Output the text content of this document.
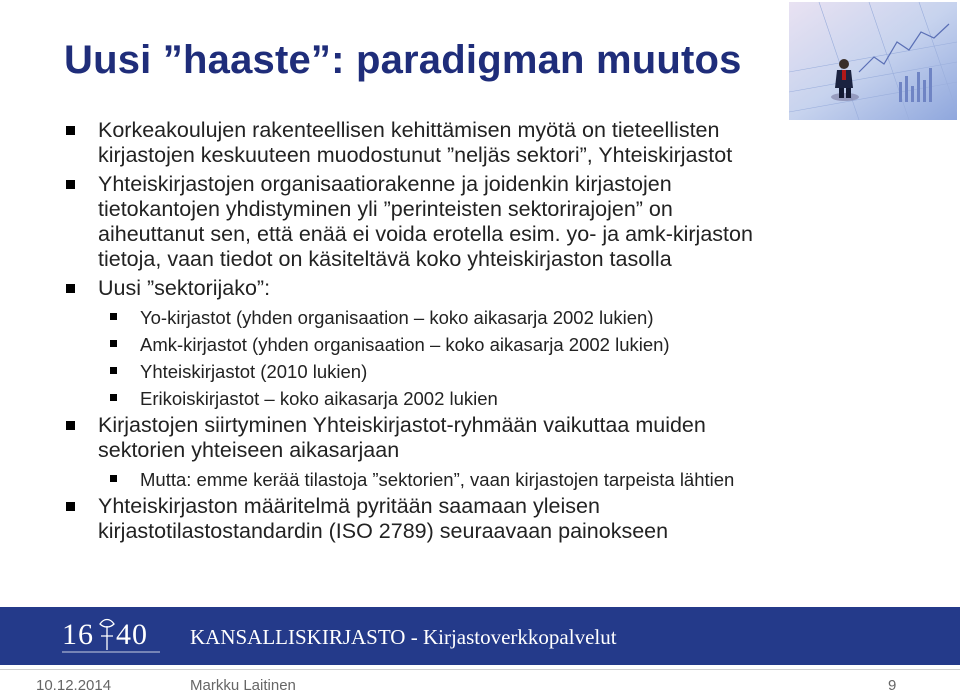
Uusi ”haaste”: paradigman muutos
Korkeakoulujen rakenteellisen kehittämisen myötä on tieteellisten
kirjastojen keskuuteen muodostunut ”neljäs sektori”, Yhteiskirjastot
Yhteiskirjastojen organisaatiorakenne ja joidenkin kirjastojen
tietokantojen yhdistyminen yli ”perinteisten sektorirajojen” on
aiheuttanut sen, että enää ei voida erotella esim. yo- ja amk-kirjaston
tietoja, vaan tiedot on käsiteltävä koko yhteiskirjaston tasolla
Uusi ”sektorijako”:
Yo-kirjastot (yhden organisaation – koko aikasarja 2002 lukien)
Amk-kirjastot (yhden organisaation – koko aikasarja 2002 lukien)
Yhteiskirjastot (2010 lukien)
Erikoiskirjastot – koko aikasarja 2002 lukien
Kirjastojen siirtyminen Yhteiskirjastot-ryhmään vaikuttaa muiden
sektorien yhteiseen aikasarjaan
Mutta: emme kerää tilastoja ”sektorien”, vaan kirjastojen tarpeista lähtien
Yhteiskirjaston määritelmä pyritään saamaan yleisen
kirjastotilastostandardin (ISO 2789) seuraavaan painokseen
16 40 KANSALLISKIRJASTO - Kirjastoverkkopalvelut
10.12.2014	Markku Laitinen	9
